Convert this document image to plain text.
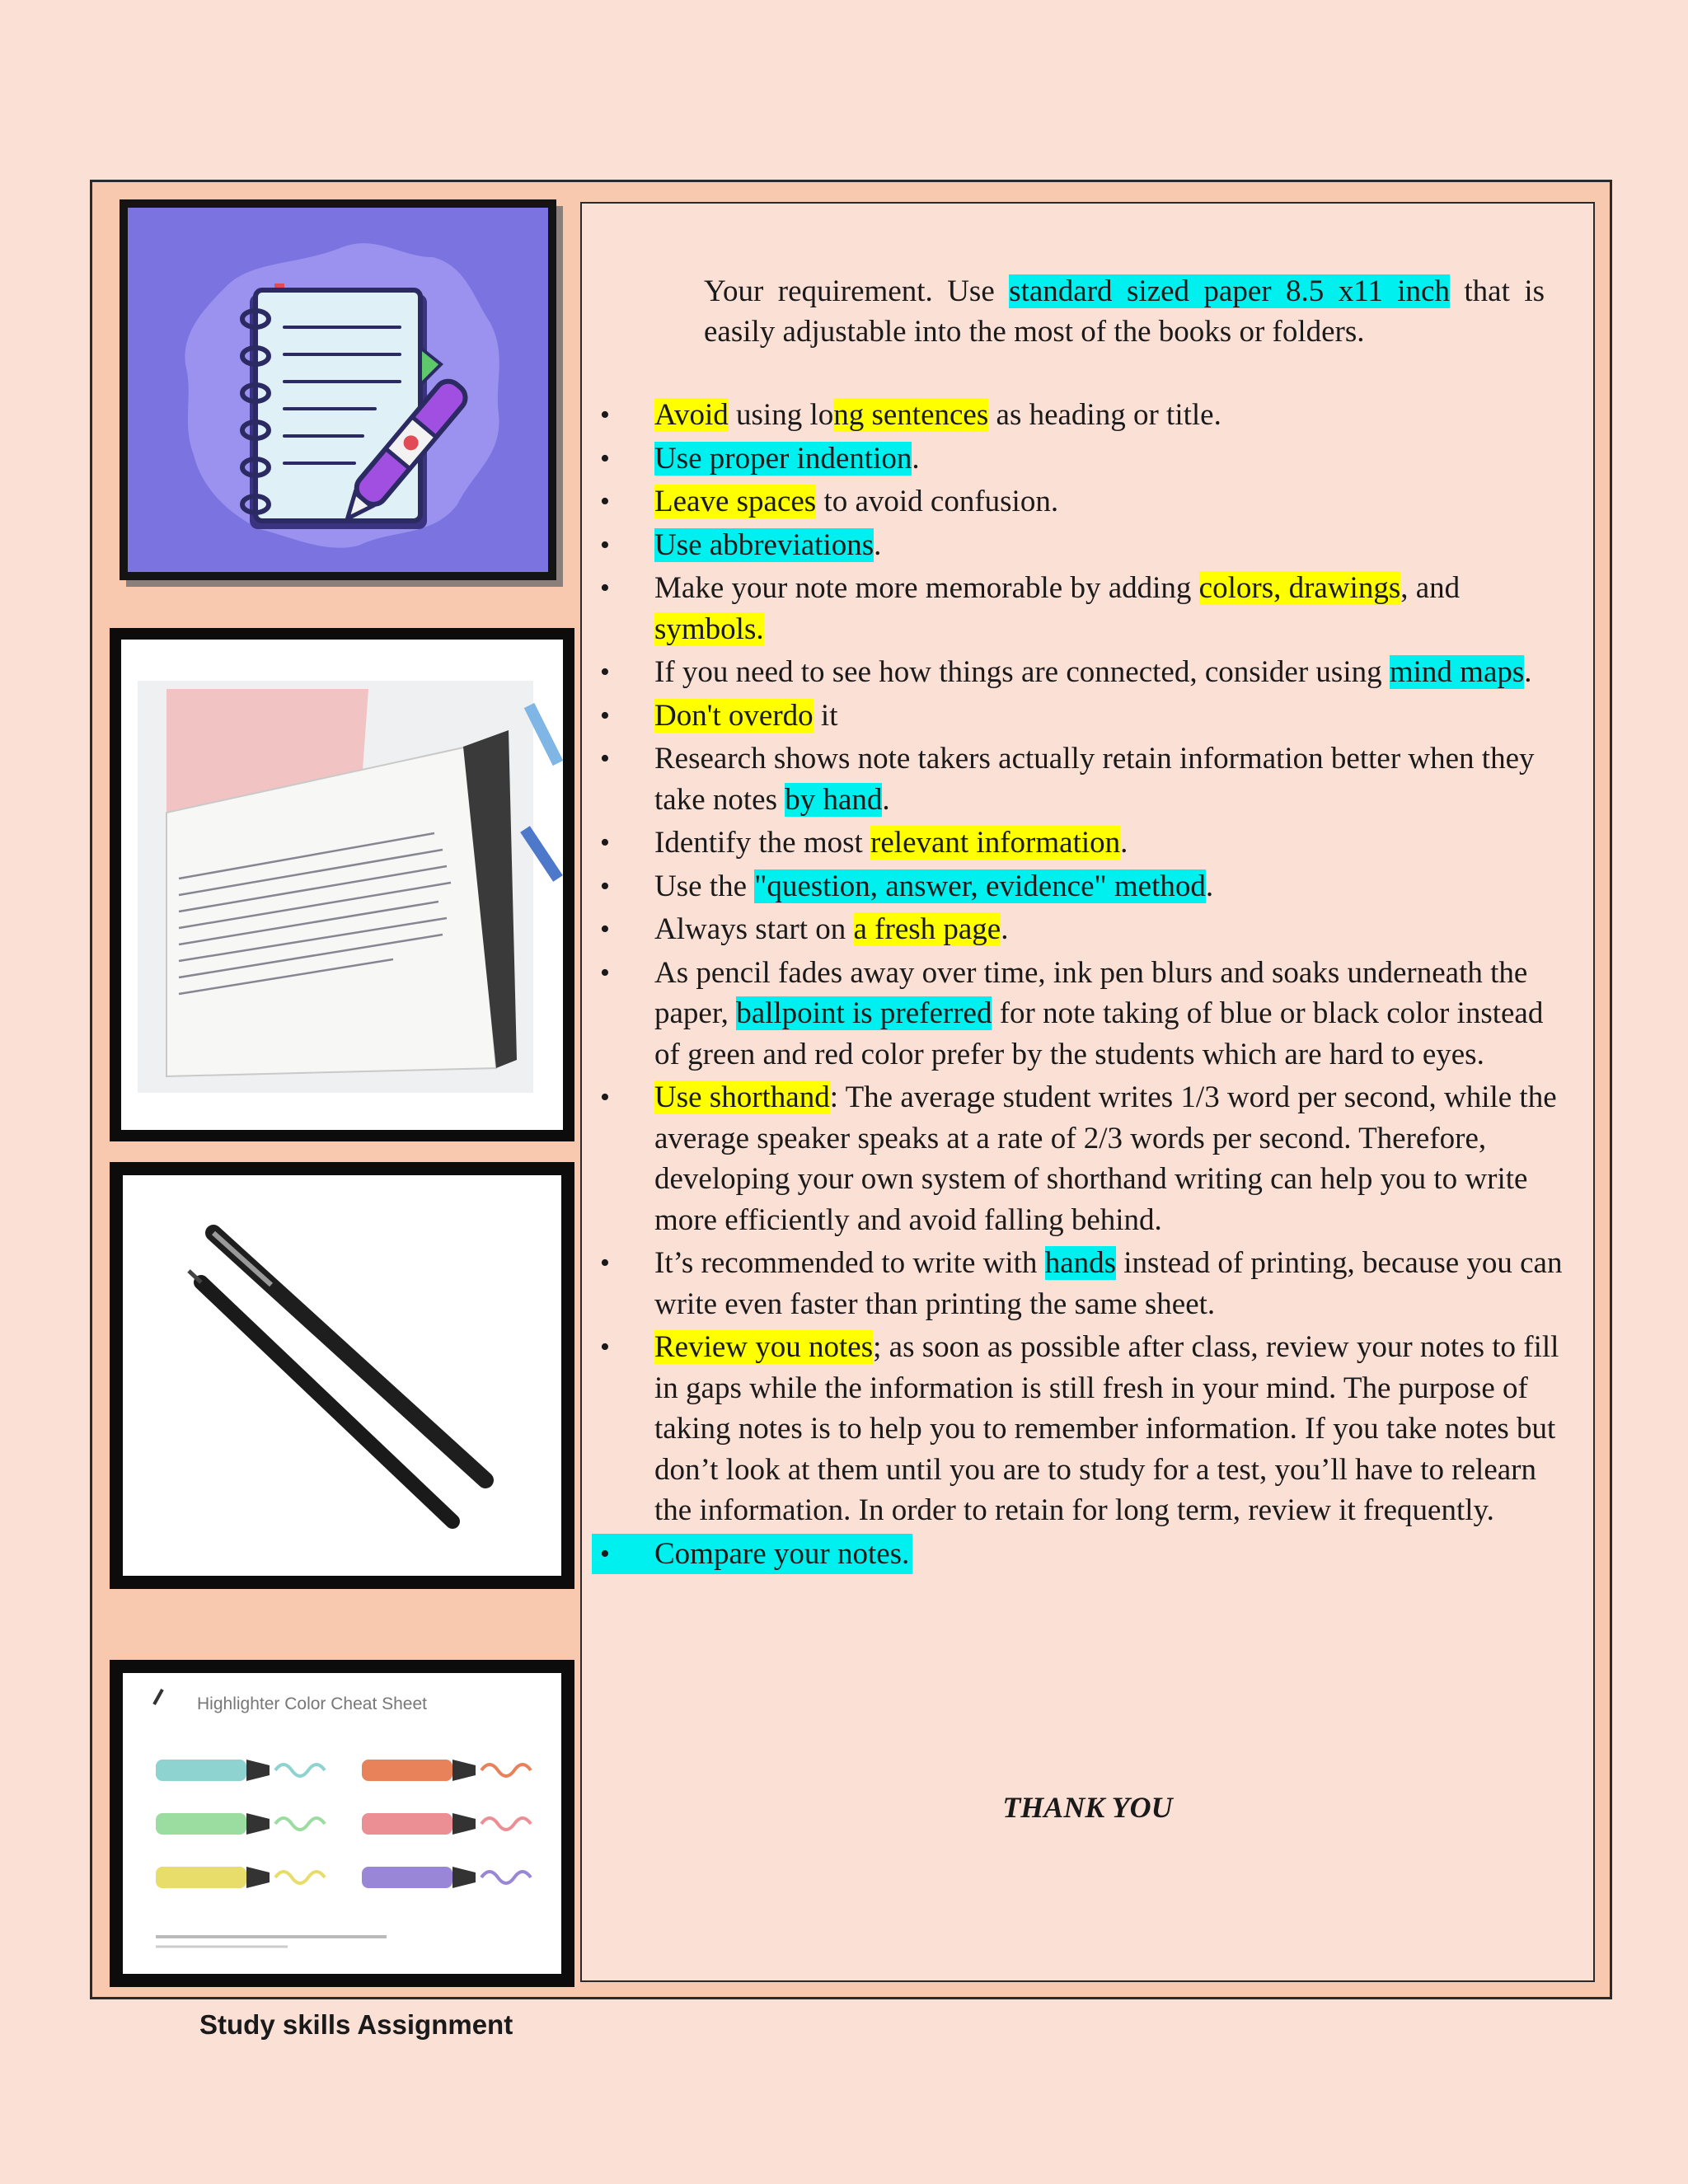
Highlighter Color Cheat Sheet

Your requirement. Use standard sized paper 8.5 x11 inch that is easily adjustable into the most of the books or folders.

• Avoid using long sentences as heading or title.
• Use proper indention.
• Leave spaces to avoid confusion.
• Use abbreviations.
• Make your note more memorable by adding colors, drawings, and symbols.
• If you need to see how things are connected, consider using mind maps.
• Don't overdo it
• Research shows note takers actually retain information better when they take notes by hand.
• Identify the most relevant information.
• Use the "question, answer, evidence" method.
• Always start on a fresh page.
• As pencil fades away over time, ink pen blurs and soaks underneath the paper, ballpoint is preferred for note taking of blue or black color instead of green and red color prefer by the students which are hard to eyes.
• Use shorthand: The average student writes 1/3 word per second, while the average speaker speaks at a rate of 2/3 words per second. Therefore, developing your own system of shorthand writing can help you to write more efficiently and avoid falling behind.
• It’s recommended to write with hands instead of printing, because you can write even faster than printing the same sheet.
• Review you notes; as soon as possible after class, review your notes to fill in gaps while the information is still fresh in your mind. The purpose of taking notes is to help you to remember information. If you take notes but don’t look at them until you are to study for a test, you’ll have to relearn the information. In order to retain for long term, review it frequently.
• Compare your notes.
THANK YOU
Study skills Assignment
